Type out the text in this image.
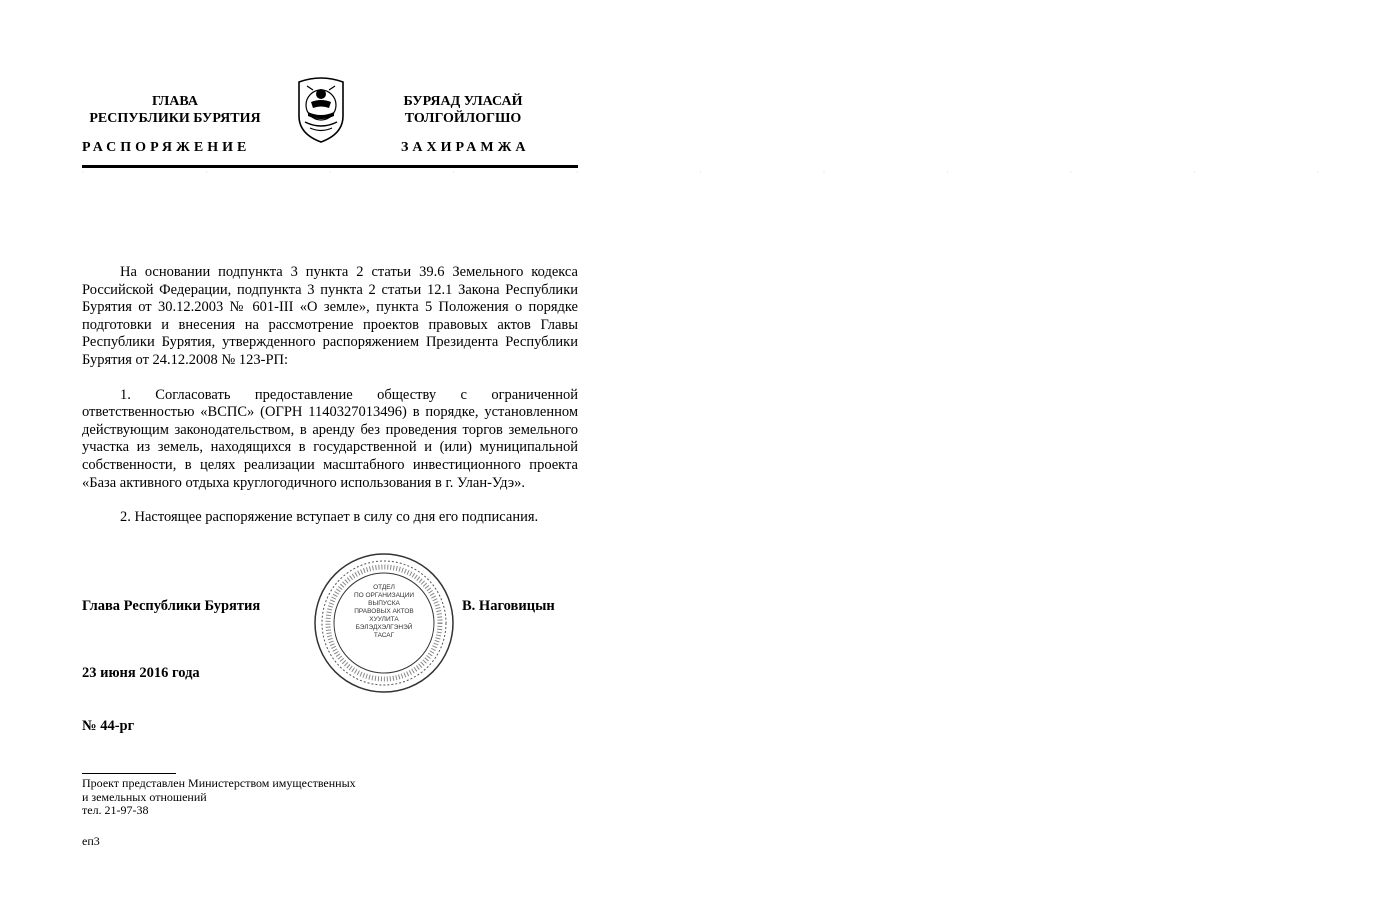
ГЛАВА
РЕСПУБЛИКИ БУРЯТИЯ
РАСПОРЯЖЕНИЕ
БУРЯАД УЛАСАЙ
ТОЛГОЙЛОГШО
ЗАХИРАМЖА
· · · · · · · · · · ·

На основании подпункта 3 пункта 2 статьи 39.6 Земельного кодекса Российской Федерации, подпункта 3 пункта 2 статьи 12.1 Закона Республики Бурятия от 30.12.2003 № 601-III «О земле», пункта 5 Положения о порядке подготовки и внесения на рассмотрение проектов правовых актов Главы Республики Бурятия, утвержденного распоряжением Президента Республики Бурятия от 24.12.2008 № 123-РП:

1. Согласовать предоставление обществу с ограниченной ответственностью «ВСПС» (ОГРН 1140327013496) в порядке, установленном действующим законодательством, в аренду без проведения торгов земельного участка из земель, находящихся в государственной и (или) муниципальной собственности, в целях реализации масштабного инвестиционного проекта «База активного отдыха круглогодичного использования в г. Улан-Удэ».

2. Настоящее распоряжение вступает в силу со дня его подписания.

Глава Республики Бурятия	В. Наговицын
ОТДЕЛ
ПО ОРГАНИЗАЦИИ
ВЫПУСКА
ПРАВОВЫХ АКТОВ
ХУУЛИТА
БЭЛЭДХЭЛГЭНЭЙ
ТАСАГ
23 июня 2016 года
№ 44-рг
Проект представлен Министерством имущественных
и земельных отношений
тел. 21-97-38
еп3
